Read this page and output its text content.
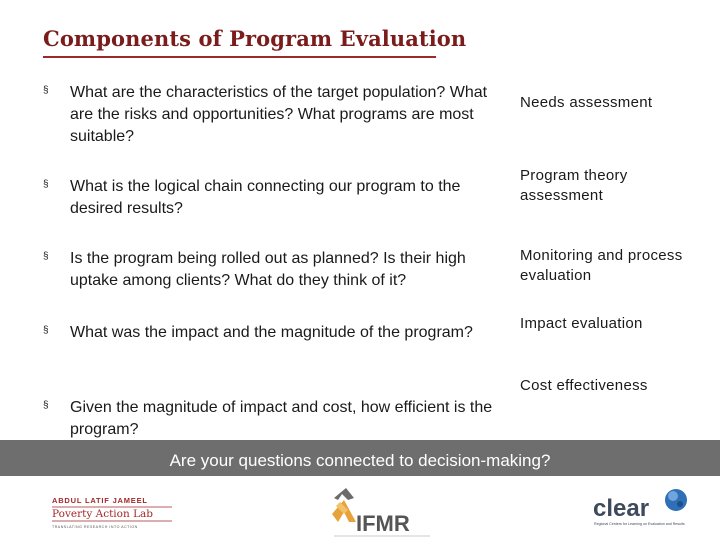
Components of Program Evaluation
§ What are the characteristics of the target population? What are the risks and opportunities? What programs are most suitable?
§ What is the logical chain connecting our program to the desired results?
§ Is the program being rolled out as planned? Is their high uptake among clients? What do they think of it?
§ What was the impact and the magnitude of the program?
§ Given the magnitude of impact and cost, how efficient is the program?
Needs assessment
Program theory assessment
Monitoring and process evaluation
Impact evaluation
Cost effectiveness
Are your questions connected to decision-making?
ABDUL LATIF JAMEEL
Poverty Action Lab
TRANSLATING RESEARCH INTO ACTION	IFMR
clear
Regional Centers for Learning on Evaluation and Results
